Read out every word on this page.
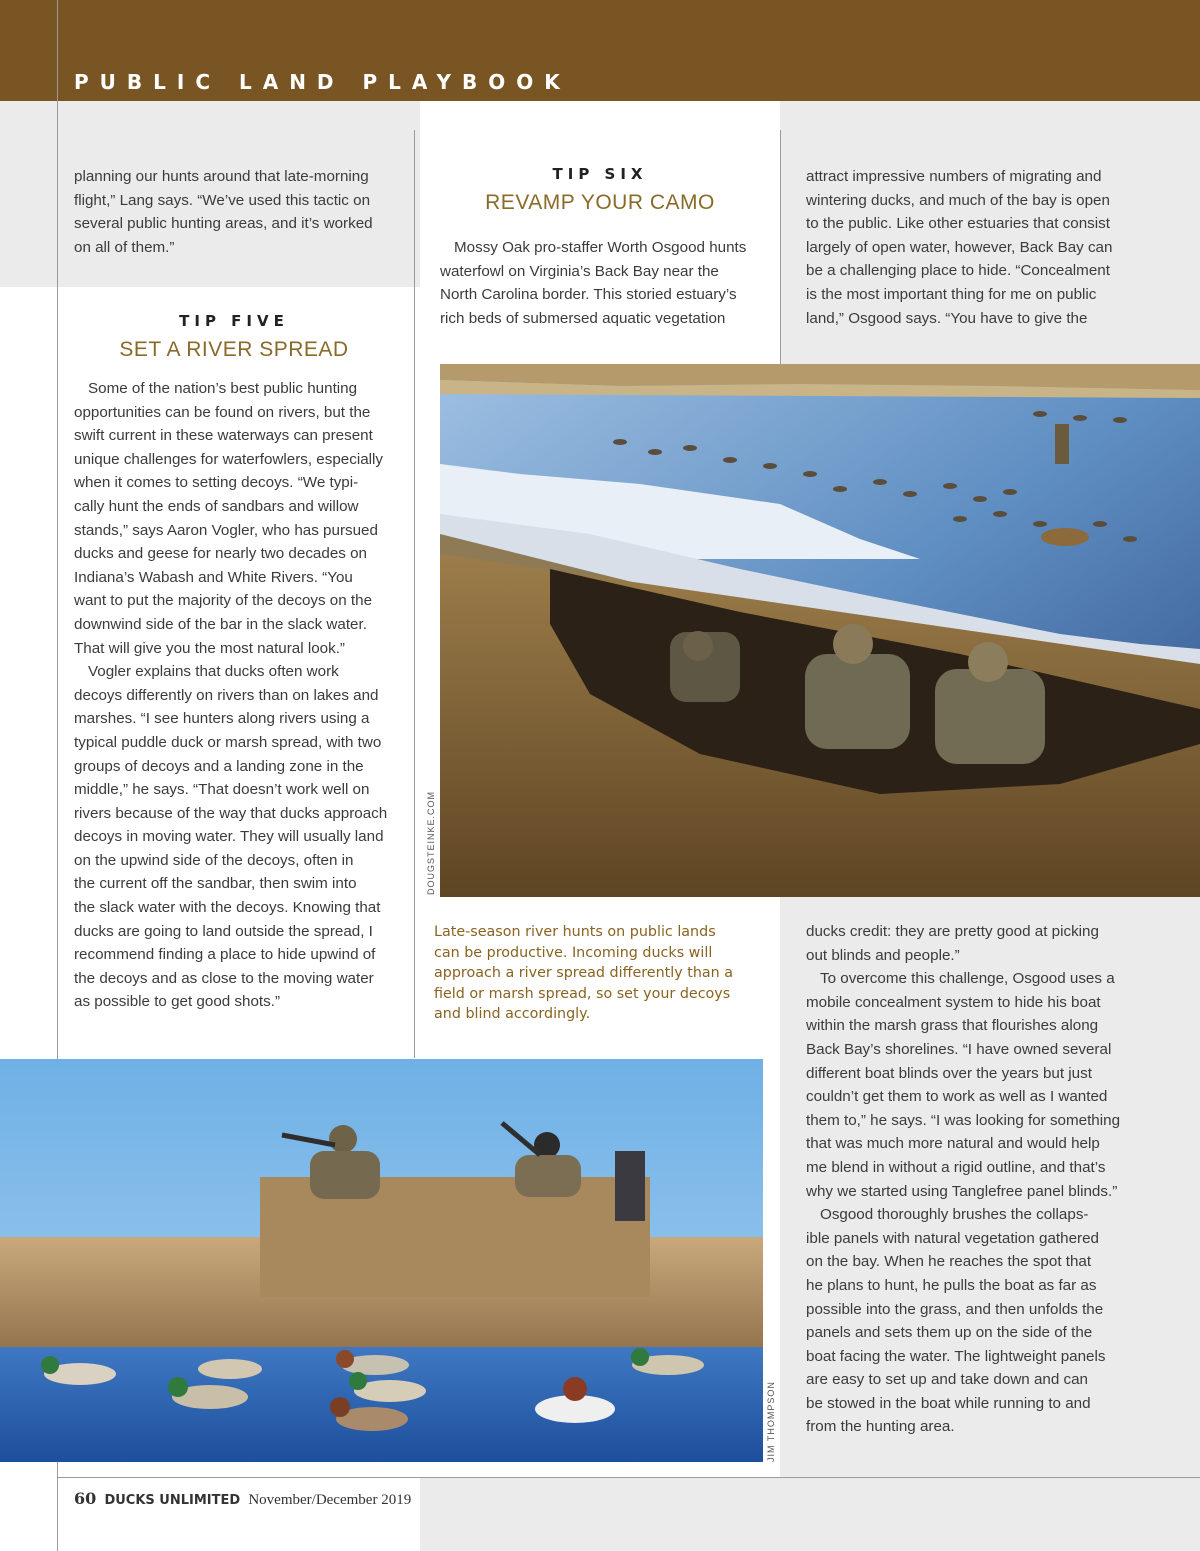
PUBLIC LAND PLAYBOOK
planning our hunts around that late-morning
flight,” Lang says. “We’ve used this tactic on
several public hunting areas, and it’s worked
on all of them.”
TIP FIVE
SET A RIVER SPREAD
Some of the nation’s best public hunting
opportunities can be found on rivers, but the
swift current in these waterways can present
unique challenges for waterfowlers, especially
when it comes to setting decoys. “We typi-
cally hunt the ends of sandbars and willow
stands,” says Aaron Vogler, who has pursued
ducks and geese for nearly two decades on
Indiana’s Wabash and White Rivers. “You
want to put the majority of the decoys on the
downwind side of the bar in the slack water.
That will give you the most natural look.”
Vogler explains that ducks often work
decoys differently on rivers than on lakes and
marshes. “I see hunters along rivers using a
typical puddle duck or marsh spread, with two
groups of decoys and a landing zone in the
middle,” he says. “That doesn’t work well on
rivers because of the way that ducks approach
decoys in moving water. They will usually land
on the upwind side of the decoys, often in
the current off the sandbar, then swim into
the slack water with the decoys. Knowing that
ducks are going to land outside the spread, I
recommend finding a place to hide upwind of
the decoys and as close to the moving water
as possible to get good shots.”
TIP SIX
REVAMP YOUR CAMO
Mossy Oak pro-staffer Worth Osgood hunts
waterfowl on Virginia’s Back Bay near the
North Carolina border. This storied estuary’s
rich beds of submersed aquatic vegetation
attract impressive numbers of migrating and
wintering ducks, and much of the bay is open
to the public. Like other estuaries that consist
largely of open water, however, Back Bay can
be a challenging place to hide. “Concealment
is the most important thing for me on public
land,” Osgood says. “You have to give the
DOUGSTEINKE.COM
Late-season river hunts on public lands
can be productive. Incoming ducks will
approach a river spread differently than a
field or marsh spread, so set your decoys
and blind accordingly.
ducks credit: they are pretty good at picking
out blinds and people.”
To overcome this challenge, Osgood uses a
mobile concealment system to hide his boat
within the marsh grass that flourishes along
Back Bay’s shorelines. “I have owned several
different boat blinds over the years but just
couldn’t get them to work as well as I wanted
them to,” he says. “I was looking for something
that was much more natural and would help
me blend in without a rigid outline, and that’s
why we started using Tanglefree panel blinds.”
Osgood thoroughly brushes the collaps-
ible panels with natural vegetation gathered
on the bay. When he reaches the spot that
he plans to hunt, he pulls the boat as far as
possible into the grass, and then unfolds the
panels and sets them up on the side of the
boat facing the water. The lightweight panels
are easy to set up and take down and can
be stowed in the boat while running to and
from the hunting area.
JIM THOMPSON
60 DUCKS UNLIMITED November/December 2019
